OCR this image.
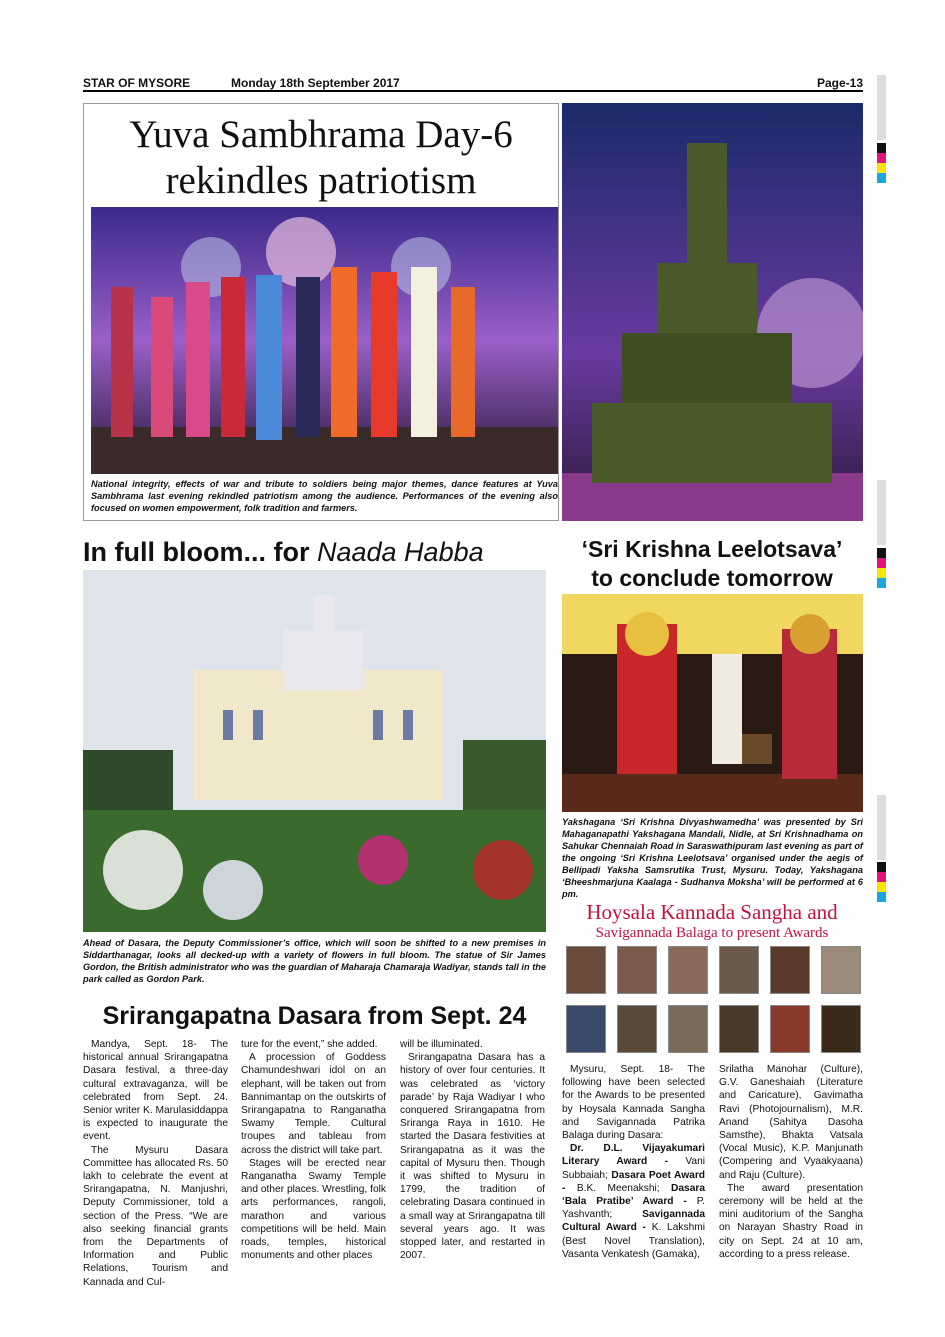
STAR OF MYSORE	Monday 18th September 2017	Page-13
Yuva Sambhrama Day-6
rekindles patriotism
National integrity, effects of war and tribute to soldiers being major themes, dance features at Yuva Sambhrama last evening rekindled patriotism among the audience. Performances of the evening also focused on women empowerment, folk tradition and farmers.
In full bloom... for Naada Habba
Ahead of Dasara, the Deputy Commissioner’s office, which will soon be shifted to a new premises in Siddarthanagar, looks all decked-up with a variety of flowers in full bloom. The statue of Sir James Gordon, the British administrator who was the guardian of Maharaja Chamaraja Wadiyar, stands tall in the park called as Gordon Park.
‘Sri Krishna Leelotsava’
to conclude tomorrow
Yakshagana ‘Sri Krishna Divyashwamedha’ was presented by Sri Mahaganapathi Yakshagana Mandali, Nidle, at Sri Krishnadhama on Sahukar Chennaiah Road in Saraswathipuram last evening as part of the ongoing ‘Sri Krishna Leelotsava’ organised under the aegis of Bellipadi Yaksha Samsrutika Trust, Mysuru. Today, Yakshagana ‘Bheeshmarjuna Kaalaga - Sudhanva Moksha’ will be performed at 6 pm.
Srirangapatna Dasara from Sept. 24

Mandya, Sept. 18- The historical annual Srirangapatna Dasara festival, a three-day cultural extravaganza, will be celebrated from Sept. 24. Senior writer K. Marulasiddappa is expected to inaugurate the event.

The Mysuru Dasara Committee has allocated Rs. 50 lakh to celebrate the event at Srirangapatna, N. Manjushri, Deputy Commissioner, told a section of the Press. “We are also seeking financial grants from the Departments of Information and Public Relations, Tourism and Kannada and Cul-

ture for the event,” she added.

A procession of Goddess Chamundeshwari idol on an elephant, will be taken out from Bannimantap on the outskirts of Srirangapatna to Ranganatha Swamy Temple. Cultural troupes and tableau from across the district will take part.

Stages will be erected near Ranganatha Swamy Temple and other places. Wrestling, folk arts performances, rangoli, marathon and various competitions will be held. Main roads, temples, historical monuments and other places

will be illuminated.

Srirangapatna Dasara has a history of over four centuries. It was celebrated as ‘victory parade’ by Raja Wadiyar I who conquered Srirangapatna from Sriranga Raya in 1610. He started the Dasara festivities at Srirangapatna as it was the capital of Mysuru then. Though it was shifted to Mysuru in 1799, the tradition of celebrating Dasara continued in a small way at Srirangapatna till several years ago. It was stopped later, and restarted in 2007.

Hoysala Kannada Sangha and
Savigannada Balaga to present Awards

Mysuru, Sept. 18- The following have been selected for the Awards to be presented by Hoysala Kannada Sangha and Savigannada Patrika Balaga during Dasara:

Dr. D.L. Vijayakumari Literary Award - Vani Subbaiah; Dasara Poet Award - B.K. Meenakshi; Dasara ‘Bala Pratibe’ Award - P. Yashvanth; Savigannada Cultural Award - K. Lakshmi (Best Novel Translation), Vasanta Venkatesh (Gamaka),

Srilatha Manohar (Culture), G.V. Ganeshaiah (Literature and Caricature), Gavimatha Ravi (Photojournalism), M.R. Anand (Sahitya Dasoha Samsthe), Bhakta Vatsala (Vocal Music), K.P. Manjunath (Compering and Vyaakyaana) and Raju (Culture).

The award presentation ceremony will be held at the mini auditorium of the Sangha on Narayan Shastry Road in city on Sept. 24 at 10 am, according to a press release.
